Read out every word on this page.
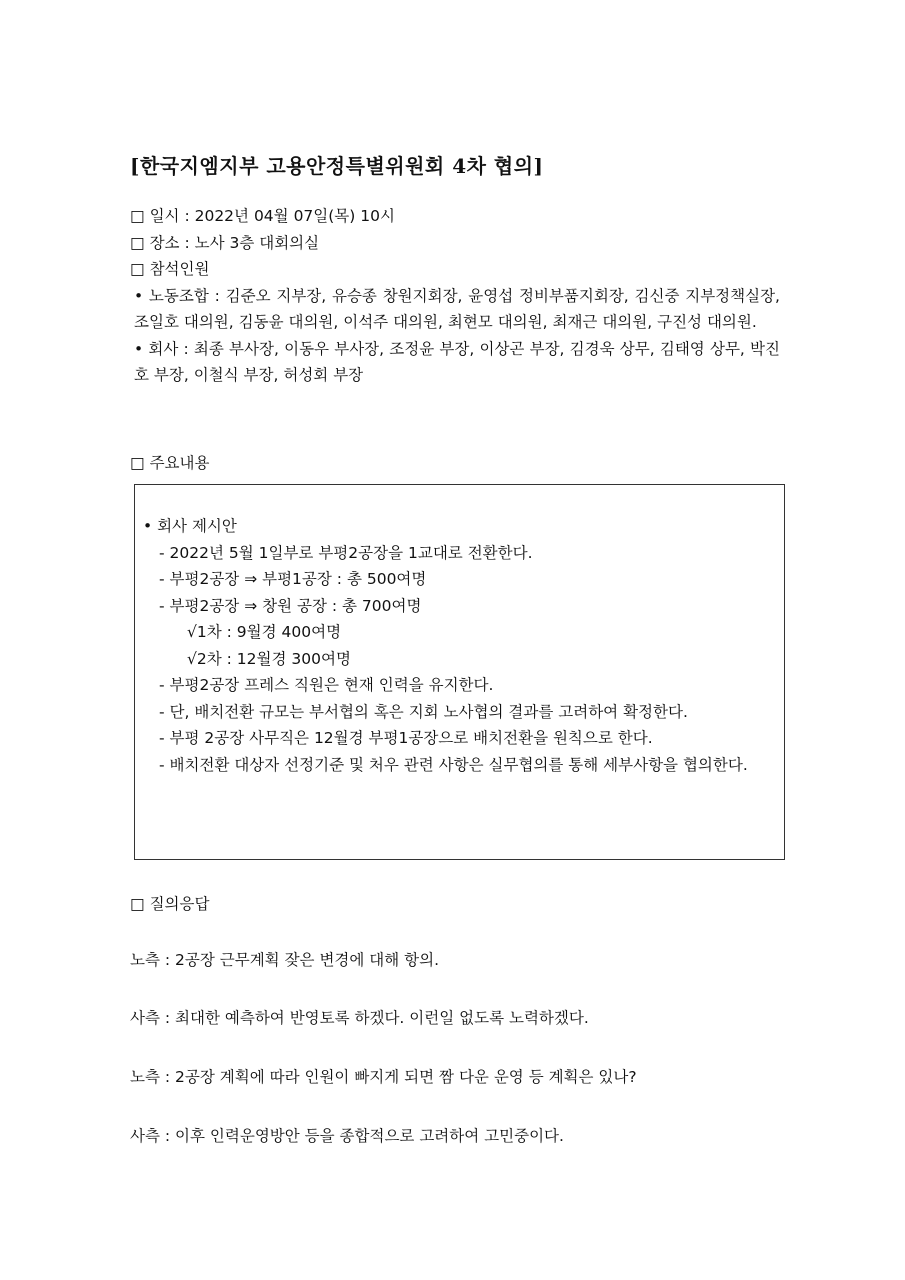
[한국지엠지부 고용안정특별위원회 4차 협의]
□ 일시 : 2022년 04월 07일(목) 10시
□ 장소 : 노사 3층 대회의실
□ 참석인원
• 노동조합 : 김준오 지부장, 유승종 창원지회장, 윤영섭 정비부품지회장, 김신중 지부정책실장, 조일호 대의원, 김동윤 대의원, 이석주 대의원, 최현모 대의원, 최재근 대의원, 구진성 대의원.
• 회사 : 최종 부사장, 이동우 부사장, 조정윤 부장, 이상곤 부장, 김경욱 상무, 김태영 상무, 박진호 부장, 이철식 부장, 허성회 부장
□ 주요내용
• 회사 제시안
- 2022년 5월 1일부로 부평2공장을 1교대로 전환한다.
- 부평2공장 ⇒ 부평1공장 : 총 500여명
- 부평2공장 ⇒ 창원 공장 : 총 700여명
√1차 : 9월경 400여명
√2차 : 12월경 300여명
- 부평2공장 프레스 직원은 현재 인력을 유지한다.
- 단, 배치전환 규모는 부서협의 혹은 지회 노사협의 결과를 고려하여 확정한다.
- 부평 2공장 사무직은 12월경 부평1공장으로 배치전환을 원칙으로 한다.
- 배치전환 대상자 선정기준 및 처우 관련 사항은 실무협의를 통해 세부사항을 협의한다.
□ 질의응답
노측 : 2공장 근무계획 잦은 변경에 대해 항의.
사측 : 최대한 예측하여 반영토록 하겠다. 이런일 없도록 노력하겠다.
노측 : 2공장 계획에 따라 인원이 빠지게 되면 짬 다운 운영 등 계획은 있나?
사측 : 이후 인력운영방안 등을 종합적으로 고려하여 고민중이다.
